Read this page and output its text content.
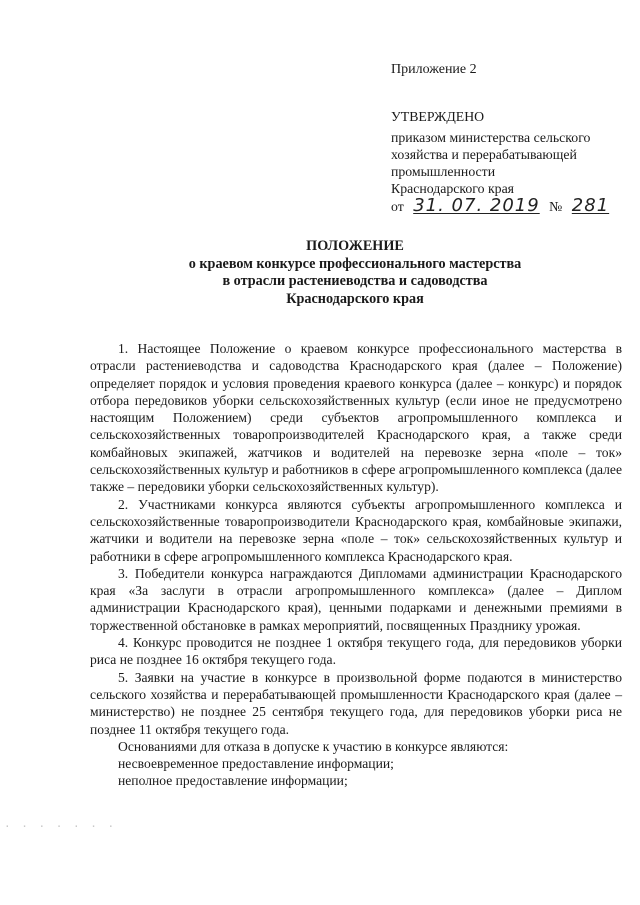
Приложение 2
УТВЕРЖДЕНО
приказом министерства сельского
хозяйства и перерабатывающей
промышленности
Краснодарского края
от 31. 07. 2019 № 281
ПОЛОЖЕНИЕ
о краевом конкурсе профессионального мастерства
в отрасли растениеводства и садоводства
Краснодарского края

1. Настоящее Положение о краевом конкурсе профессионального мастерства в отрасли растениеводства и садоводства Краснодарского края (далее – Положение) определяет порядок и условия проведения краевого конкурса (далее – конкурс) и порядок отбора передовиков уборки сельскохозяйственных культур (если иное не предусмотрено настоящим Положением) среди субъектов агропромышленного комплекса и сельскохозяйственных товаропроизводителей Краснодарского края, а также среди комбайновых экипажей, жатчиков и водителей на перевозке зерна «поле – ток» сельскохозяйственных культур и работников в сфере агропромышленного комплекса (далее также – передовики уборки сельскохозяйственных культур).

2. Участниками конкурса являются субъекты агропромышленного комплекса и сельскохозяйственные товаропроизводители Краснодарского края, комбайновые экипажи, жатчики и водители на перевозке зерна «поле – ток» сельскохозяйственных культур и работники в сфере агропромышленного комплекса Краснодарского края.

3. Победители конкурса награждаются Дипломами администрации Краснодарского края «За заслуги в отрасли агропромышленного комплекса» (далее – Диплом администрации Краснодарского края), ценными подарками и денежными премиями в торжественной обстановке в рамках мероприятий, посвященных Празднику урожая.

4. Конкурс проводится не позднее 1 октября текущего года, для передовиков уборки риса не позднее 16 октября текущего года.

5. Заявки на участие в конкурсе в произвольной форме подаются в министерство сельского хозяйства и перерабатывающей промышленности Краснодарского края (далее – министерство) не позднее 25 сентября текущего года, для передовиков уборки риса не позднее 11 октября текущего года.

Основаниями для отказа в допуске к участию в конкурсе являются:

несвоевременное предоставление информации;

неполное предоставление информации;

· · · · · · ·
